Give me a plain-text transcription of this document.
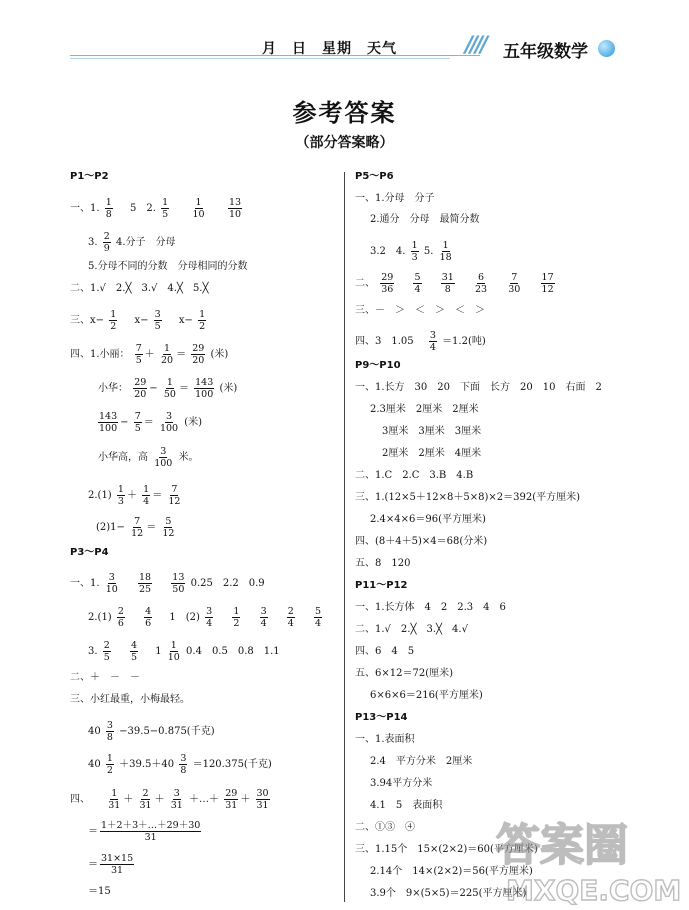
月　日　星期　天气	//// 五年级数学
参考答案
（部分答案略）
P1～P2
一、1. $\frac{1}{8} 5$　2. $\frac{1}{5}$
$\frac{1}{10}$
$\frac{13}{10}$
3. $\frac{2}{9} 4$.分子　分母
5.分母不同的分数　分母相同的分数
二、1.√　2.╳　3.√　4.╳　5.╳
三、$x- \frac{1}{2} x- \frac{3}{5} x- \frac{1}{2}$
四、1.小丽： $\frac{7}{5} + \frac{1}{20} = \frac{29}{20}$ (米)
小华： $\frac{29}{20} - \frac{1}{50} = \frac{143}{100}$ (米)
$\frac{143}{100} - \frac{7}{5} = \frac{3}{100}$ (米)
小华高，高 $\frac{3}{100}$ 米。
$2.(1) \frac{1}{3} + \frac{1}{4} = \frac{7}{12}$
$(2)1- \frac{7}{12} = \frac{5}{12}$
P3～P4
一、1. $\frac{3}{10}$
$\frac{18}{25}$
$\frac{13}{50} 0.25$　2.2　0.9
$2.(1) \frac{2}{6}$
$\frac{4}{6} 1$　$(2) \frac{3}{4}$
$\frac{1}{2}$
$\frac{3}{4}$
$\frac{2}{4}$
$\frac{5}{4}$
3. $\frac{2}{5}$
$\frac{4}{5} 1 \frac{1}{10} 0.4$　0.5　0.8　1.1
二、＋　－　－
三、小红最重，小梅最轻。
$40 \frac{3}{8} -39.5-0.875$(千克)
$40 \frac{1}{2} +39.5+40 \frac{3}{8} =120.375$(千克)
四、 $\frac{1}{31} + \frac{2}{31} + \frac{3}{31}$ ＋…＋ $\frac{29}{31} + \frac{30}{31}$
＝ $\frac{1+2+3+\dots+29+30}{31}$
＝ $\frac{31\times 15}{31}$
＝15
P5～P6
一、1.分母　分子
2.通分　分母　最简分数
3.2　4. $\frac{1}{3} 5$. $\frac{1}{18}$
二、 $\frac{29}{36}$
$\frac{5}{4}$
$\frac{31}{8}$
$\frac{6}{23}$
$\frac{7}{30}$
$\frac{17}{12}$
三、－　＞　＜　＞　＜　＞
四、3　1.05　 $\frac{3}{4} =1.2$(吨)
P9～P10
一、1.长方　30　20　下面　长方　20　10　右面　2
2.3厘米　2厘米　2厘米
3厘米　3厘米　3厘米
2厘米　2厘米　4厘米
二、1.C　2.C　3.B　4.B
三、1.(12×5＋12×8＋5×8)×2＝392(平方厘米)
2.4×4×6＝96(平方厘米)
四、(8＋4＋5)×4＝68(分米)
五、8　120
P11～P12
一、1.长方体　4　2　2.3　4　6
二、1.√　2.╳　3.╳　4.√
四、6　4　5
五、6×12＝72(厘米)
6×6×6＝216(平方厘米)
P13～P14
一、1.表面积
2.4　平方分米　2厘米
3.94平方分米
4.1　5　表面积
二、①③　④
三、1.15个　15×(2×2)＝60(平方厘米)
2.14个　14×(2×2)＝56(平方厘米)
3.9个　9×(5×5)＝225(平方厘米)
答案圈
MXQE.COM
